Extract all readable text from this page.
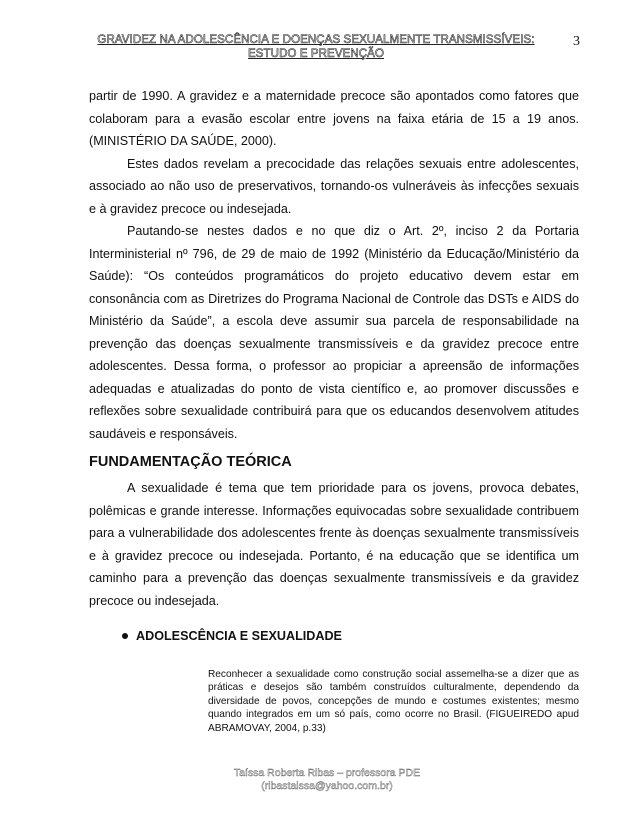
GRAVIDEZ NA ADOLESCÊNCIA E DOENÇAS SEXUALMENTE TRANSMISSÍVEIS:
ESTUDO E PREVENÇÃO
3

partir de 1990. A gravidez e a maternidade precoce são apontados como fatores que colaboram para a evasão escolar entre jovens na faixa etária de 15 a 19 anos. (MINISTÉRIO DA SAÚDE, 2000).

Estes dados revelam a precocidade das relações sexuais entre adolescentes, associado ao não uso de preservativos, tornando-os vulneráveis às infecções sexuais e à gravidez precoce ou indesejada.

Pautando-se nestes dados e no que diz o Art. 2º, inciso 2 da Portaria Interministerial nº 796, de 29 de maio de 1992 (Ministério da Educação/Ministério da Saúde): “Os conteúdos programáticos do projeto educativo devem estar em consonância com as Diretrizes do Programa Nacional de Controle das DSTs e AIDS do Ministério da Saúde”, a escola deve assumir sua parcela de responsabilidade na prevenção das doenças sexualmente transmissíveis e da gravidez precoce entre adolescentes. Dessa forma, o professor ao propiciar a apreensão de informações adequadas e atualizadas do ponto de vista científico e, ao promover discussões e reflexões sobre sexualidade contribuirá para que os educandos desenvolvem atitudes saudáveis e responsáveis.

FUNDAMENTAÇÃO TEÓRICA

A sexualidade é tema que tem prioridade para os jovens, provoca debates, polêmicas e grande interesse. Informações equivocadas sobre sexualidade contribuem para a vulnerabilidade dos adolescentes frente às doenças sexualmente transmissíveis e à gravidez precoce ou indesejada. Portanto, é na educação que se identifica um caminho para a prevenção das doenças sexualmente transmissíveis e da gravidez precoce ou indesejada.

ADOLESCÊNCIA E SEXUALIDADE

Reconhecer a sexualidade como construção social assemelha-se a dizer que as práticas e desejos são também construídos culturalmente, dependendo da diversidade de povos, concepções de mundo e costumes existentes; mesmo quando integrados em um só país, como ocorre no Brasil. (FIGUEIREDO apud ABRAMOVAY, 2004, p.33)

Taíssa Roberta Ribas – professora PDE
(ribastaissa@yahoo.com.br)
